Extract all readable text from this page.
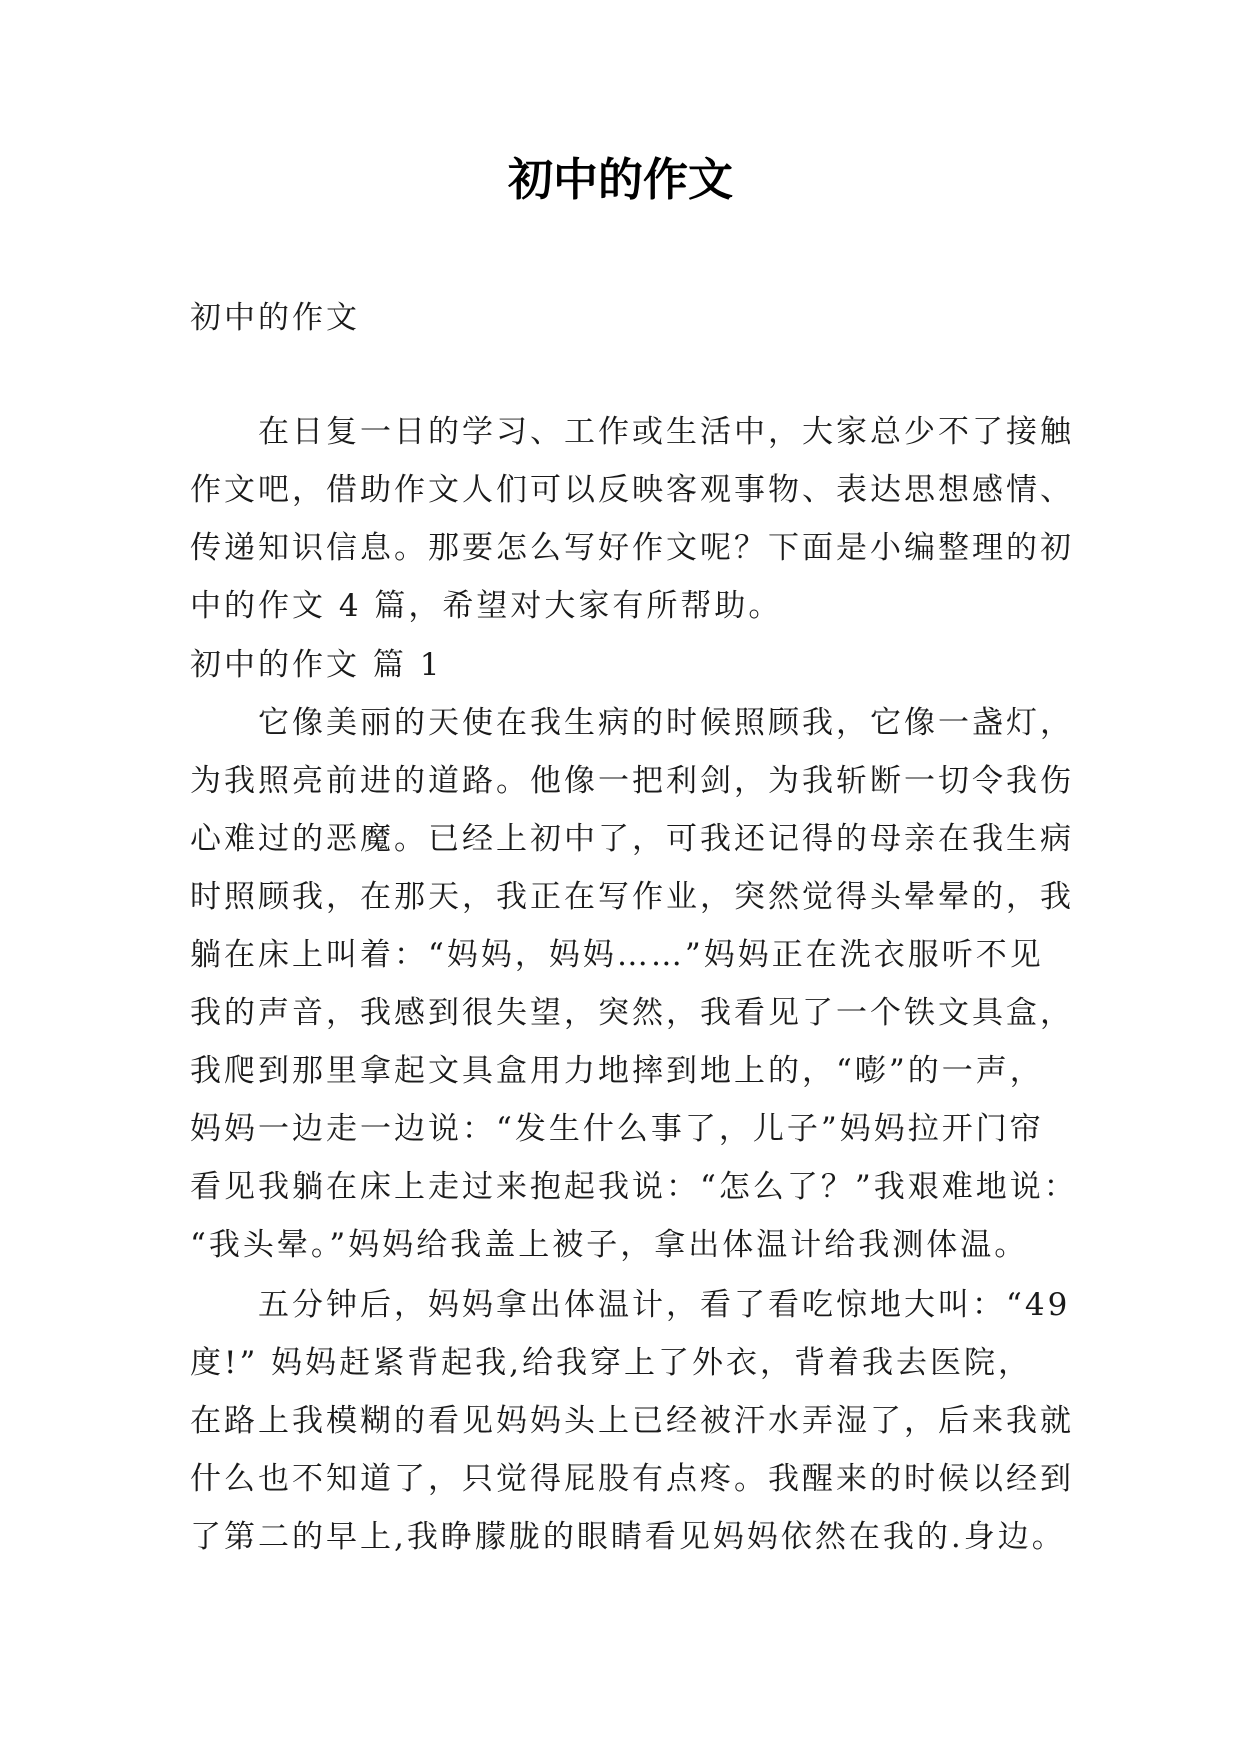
初中的作文
初中的作文
在日复一日的学习、工作或生活中，大家总少不了接触
作文吧，借助作文人们可以反映客观事物、表达思想感情、
传递知识信息。那要怎么写好作文呢？下面是小编整理的初
中的作文 4 篇，希望对大家有所帮助。
初中的作文 篇 1
它像美丽的天使在我生病的时候照顾我，它像一盏灯，
为我照亮前进的道路。他像一把利剑，为我斩断一切令我伤
心难过的恶魔。已经上初中了，可我还记得的母亲在我生病
时照顾我，在那天，我正在写作业，突然觉得头晕晕的，我
躺在床上叫着：“妈妈，妈妈……”妈妈正在洗衣服听不见
我的声音，我感到很失望，突然，我看见了一个铁文具盒，
我爬到那里拿起文具盒用力地摔到地上的，“嘭”的一声，
妈妈一边走一边说：“发生什么事了，儿子”妈妈拉开门帘
看见我躺在床上走过来抱起我说：“怎么了？”我艰难地说：
“我头晕。”妈妈给我盖上被子，拿出体温计给我测体温。
五分钟后，妈妈拿出体温计，看了看吃惊地大叫：“49
度!” 妈妈赶紧背起我,给我穿上了外衣，背着我去医院，
在路上我模糊的看见妈妈头上已经被汗水弄湿了，后来我就
什么也不知道了，只觉得屁股有点疼。我醒来的时候以经到
了第二的早上,我睁朦胧的眼睛看见妈妈依然在我的.身边。
